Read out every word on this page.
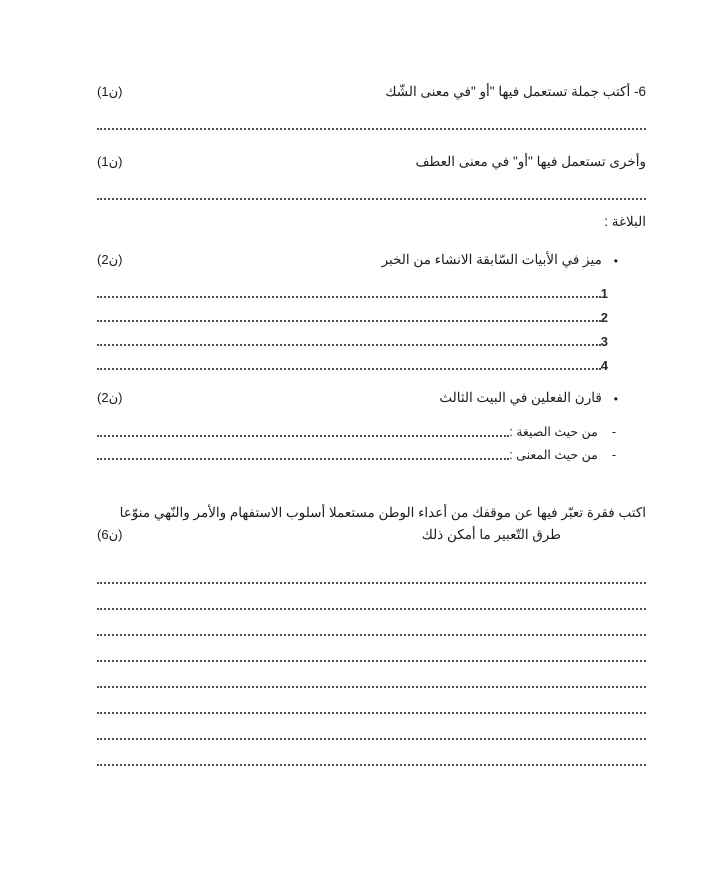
6- أكتب جملة تستعمل فيها "أو "في معنى الشّك
(1ن)
وأخرى تستعمل فيها "أو" في معنى العطف
(1ن)
البلاغة :
•
ميز في الأبيات السّابقة الانشاء من الخبر
(2ن)
1
2
3
4
•
قارن الفعلين في البيت الثالث
(2ن)
-
من حيث الصيغة :
-
من حيث المعنى :
اكتب فقرة تعبّر فيها عن موقفك من أعداء الوطن مستعملا أسلوب الاستفهام والأمر والنّهي منوّعا
طرق التّعبير ما أمكن ذلك
(6ن)
